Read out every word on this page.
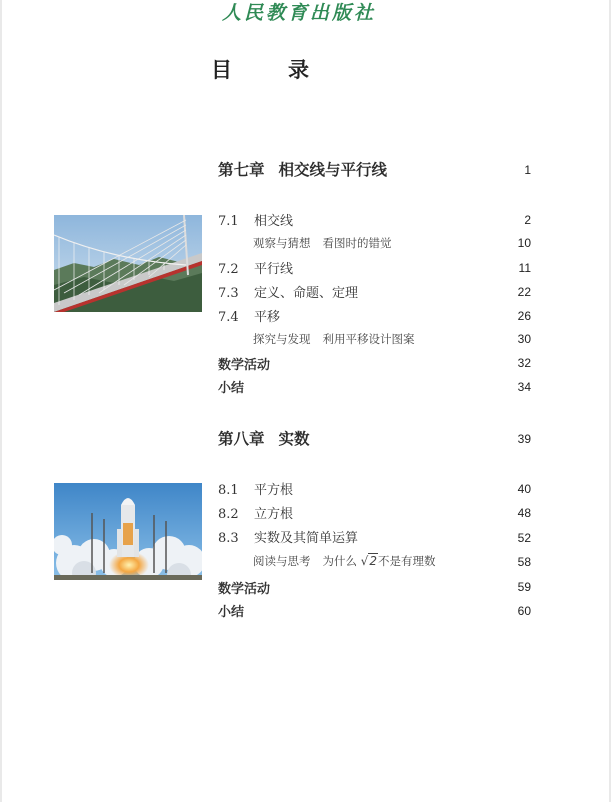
人民教育出版社
目录
第七章 相交线与平行线	1
7.1 相交线	2
观察与猜想 看图时的错觉	10
7.2 平行线	11
7.3 定义、命题、定理	22
7.4 平移	26
探究与发现 利用平移设计图案	30
数学活动	32
小结	34
第八章 实数	39
8.1 平方根	40
8.2 立方根	48
8.3 实数及其简单运算	52
阅读与思考 为什么 √2不是有理数	58
数学活动	59
小结	60
